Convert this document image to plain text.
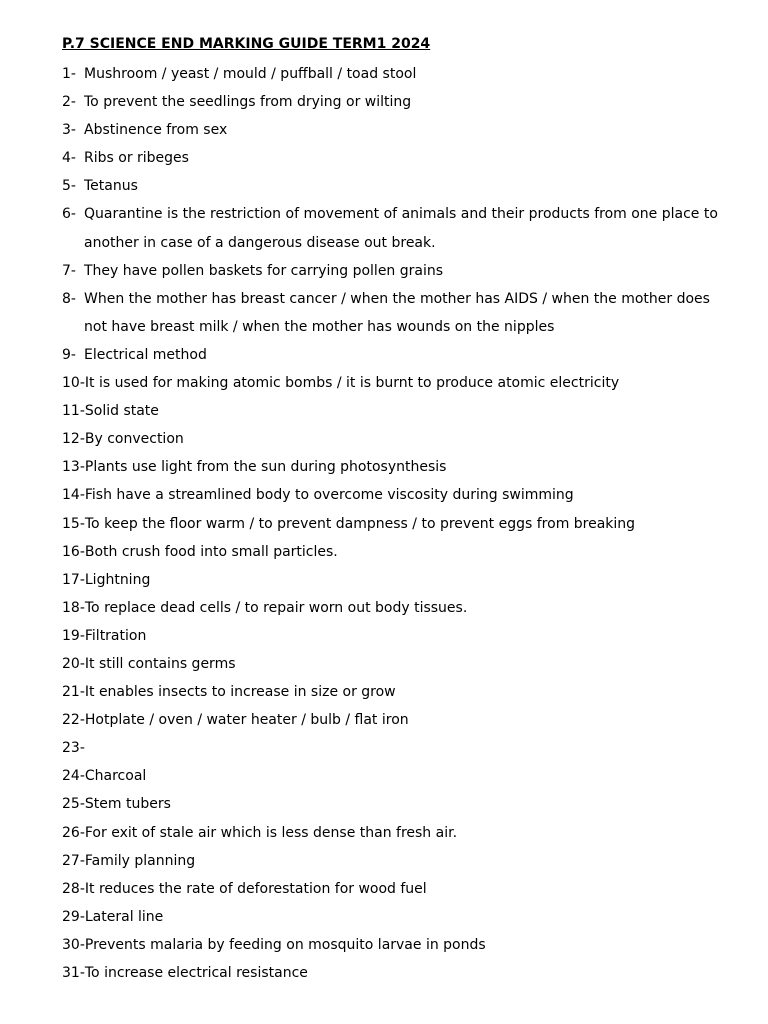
P.7 SCIENCE END MARKING GUIDE TERM1 2024
1- Mushroom / yeast / mould / puffball / toad stool
2- To prevent the seedlings from drying or wilting
3- Abstinence from sex
4- Ribs or ribeges
5- Tetanus
6- Quarantine is the restriction of movement of animals and their products from one place to another in case of a dangerous disease out break.
7- They have pollen baskets for carrying pollen grains
8- When the mother has breast cancer / when the mother has AIDS / when the mother does not have breast milk / when the mother has wounds on the nipples
9- Electrical method
10-It is used for making atomic bombs / it is burnt to produce atomic electricity
11-Solid state
12-By convection
13-Plants use light from the sun during photosynthesis
14-Fish have a streamlined body to overcome viscosity during swimming
15-To keep the floor warm / to prevent dampness / to prevent eggs from breaking
16-Both crush food into small particles.
17-Lightning
18-To replace dead cells / to repair worn out body tissues.
19-Filtration
20-It still contains germs
21-It enables insects to increase in size or grow
22-Hotplate / oven / water heater / bulb / flat iron
23-
24-Charcoal
25-Stem tubers
26-For exit of stale air which is less dense than fresh air.
27-Family planning
28-It reduces the rate of deforestation for wood fuel
29-Lateral line
30-Prevents malaria by feeding on mosquito larvae in ponds
31-To increase electrical resistance
